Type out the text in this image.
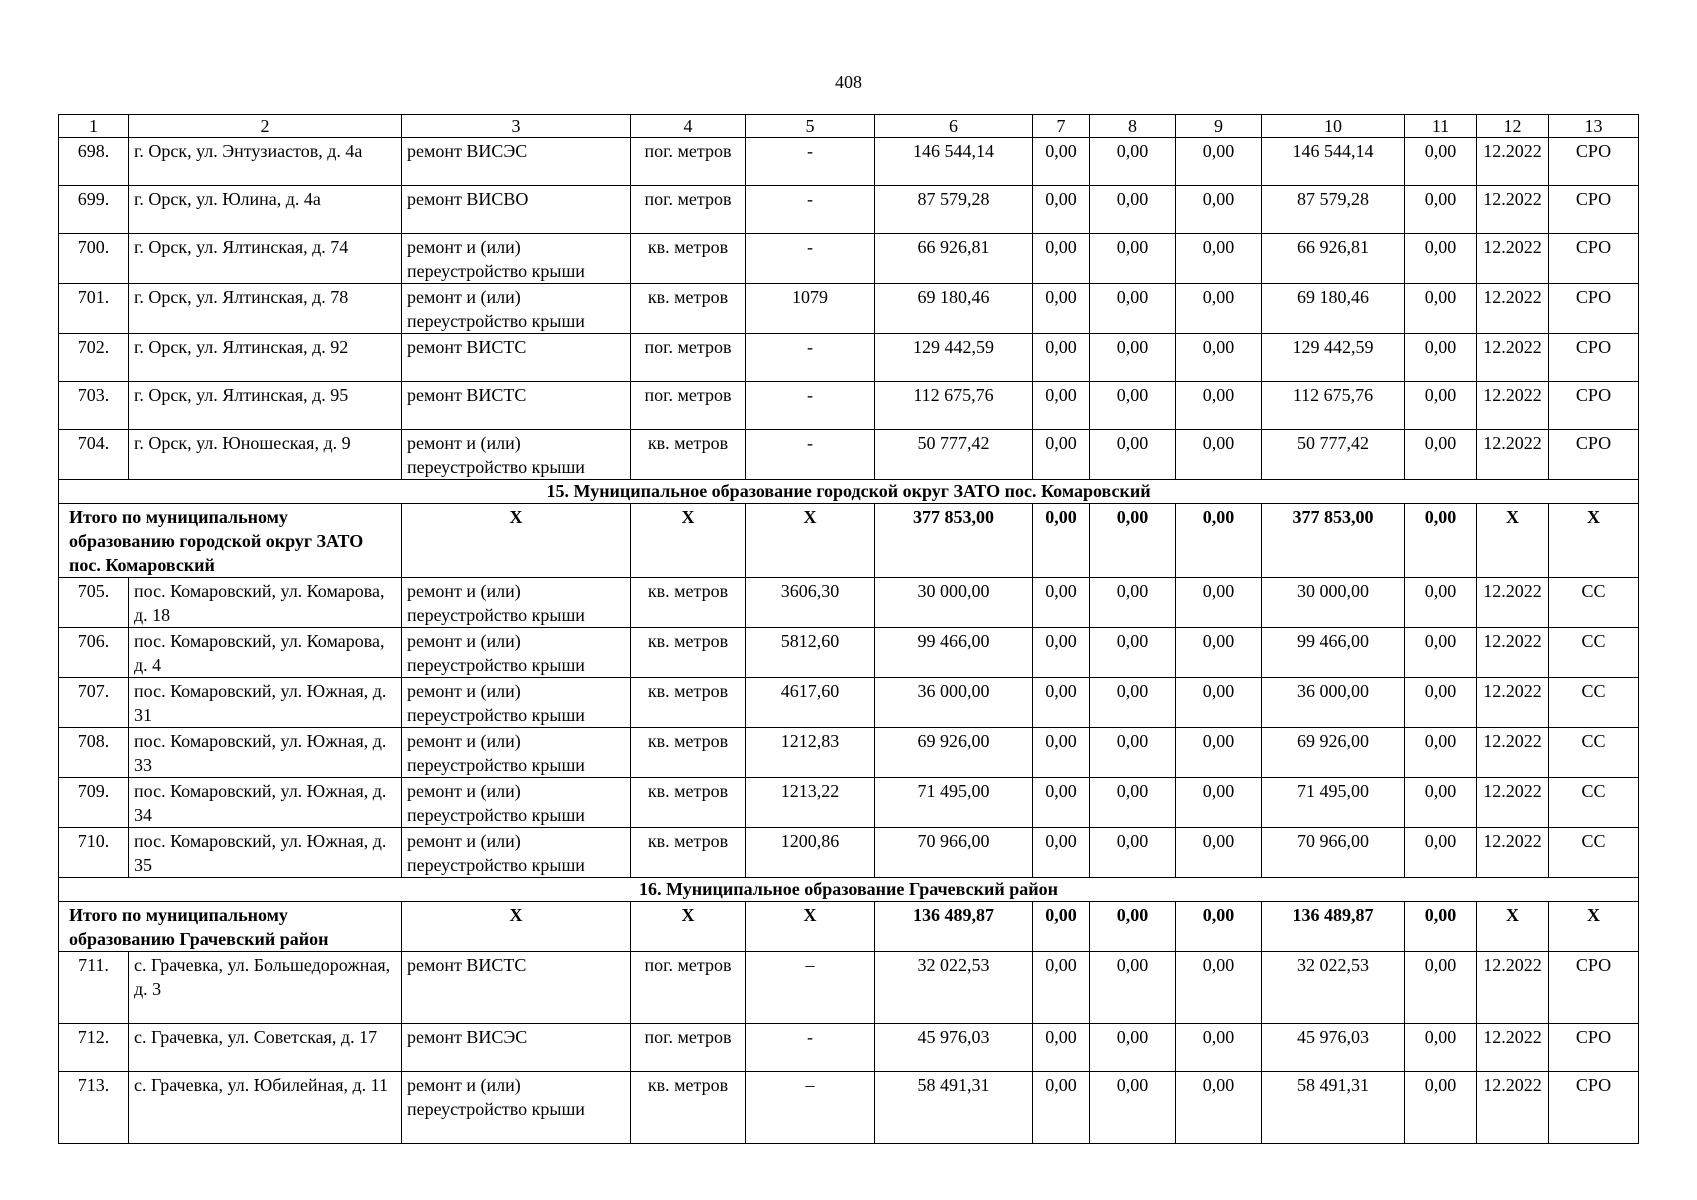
408
1	2	3	4	5	6	7	8	9	10	11	12	13
698.	г. Орск, ул. Энтузиастов, д. 4а	ремонт ВИСЭС	пог. метров	-	146 544,14	0,00	0,00	0,00	146 544,14	0,00	12.2022	СРО
699.	г. Орск, ул. Юлина, д. 4а	ремонт ВИСВО	пог. метров	-	87 579,28	0,00	0,00	0,00	87 579,28	0,00	12.2022	СРО
700.	г. Орск, ул. Ялтинская, д. 74	ремонт и (или) переустройство крыши	кв. метров	-	66 926,81	0,00	0,00	0,00	66 926,81	0,00	12.2022	СРО
701.	г. Орск, ул. Ялтинская, д. 78	ремонт и (или) переустройство крыши	кв. метров	1079	69 180,46	0,00	0,00	0,00	69 180,46	0,00	12.2022	СРО
702.	г. Орск, ул. Ялтинская, д. 92	ремонт ВИСТС	пог. метров	-	129 442,59	0,00	0,00	0,00	129 442,59	0,00	12.2022	СРО
703.	г. Орск, ул. Ялтинская, д. 95	ремонт ВИСТС	пог. метров	-	112 675,76	0,00	0,00	0,00	112 675,76	0,00	12.2022	СРО
704.	г. Орск, ул. Юношеская, д. 9	ремонт и (или) переустройство крыши	кв. метров	-	50 777,42	0,00	0,00	0,00	50 777,42	0,00	12.2022	СРО
15. Муниципальное образование городской округ ЗАТО пос. Комаровский												
Итого по муниципальному образованию городской округ ЗАТО пос. Комаровский		Х	Х	Х	377 853,00	0,00	0,00	0,00	377 853,00	0,00	Х	Х
705.	пос. Комаровский, ул. Комарова, д. 18	ремонт и (или) переустройство крыши	кв. метров	3606,30	30 000,00	0,00	0,00	0,00	30 000,00	0,00	12.2022	СС
706.	пос. Комаровский, ул. Комарова, д. 4	ремонт и (или) переустройство крыши	кв. метров	5812,60	99 466,00	0,00	0,00	0,00	99 466,00	0,00	12.2022	СС
707.	пос. Комаровский, ул. Южная, д. 31	ремонт и (или) переустройство крыши	кв. метров	4617,60	36 000,00	0,00	0,00	0,00	36 000,00	0,00	12.2022	СС
708.	пос. Комаровский, ул. Южная, д. 33	ремонт и (или) переустройство крыши	кв. метров	1212,83	69 926,00	0,00	0,00	0,00	69 926,00	0,00	12.2022	СС
709.	пос. Комаровский, ул. Южная, д. 34	ремонт и (или) переустройство крыши	кв. метров	1213,22	71 495,00	0,00	0,00	0,00	71 495,00	0,00	12.2022	СС
710.	пос. Комаровский, ул. Южная, д. 35	ремонт и (или) переустройство крыши	кв. метров	1200,86	70 966,00	0,00	0,00	0,00	70 966,00	0,00	12.2022	СС
16. Муниципальное образование Грачевский район												
Итого по муниципальному образованию Грачевский район		Х	Х	Х	136 489,87	0,00	0,00	0,00	136 489,87	0,00	Х	Х
711.	с. Грачевка, ул. Большедорожная, д. 3	ремонт ВИСТС	пог. метров	–	32 022,53	0,00	0,00	0,00	32 022,53	0,00	12.2022	СРО
712.	с. Грачевка, ул. Советская, д. 17	ремонт ВИСЭС	пог. метров	-	45 976,03	0,00	0,00	0,00	45 976,03	0,00	12.2022	СРО
713.	с. Грачевка, ул. Юбилейная, д. 11	ремонт и (или) переустройство крыши	кв. метров	–	58 491,31	0,00	0,00	0,00	58 491,31	0,00	12.2022	СРО
